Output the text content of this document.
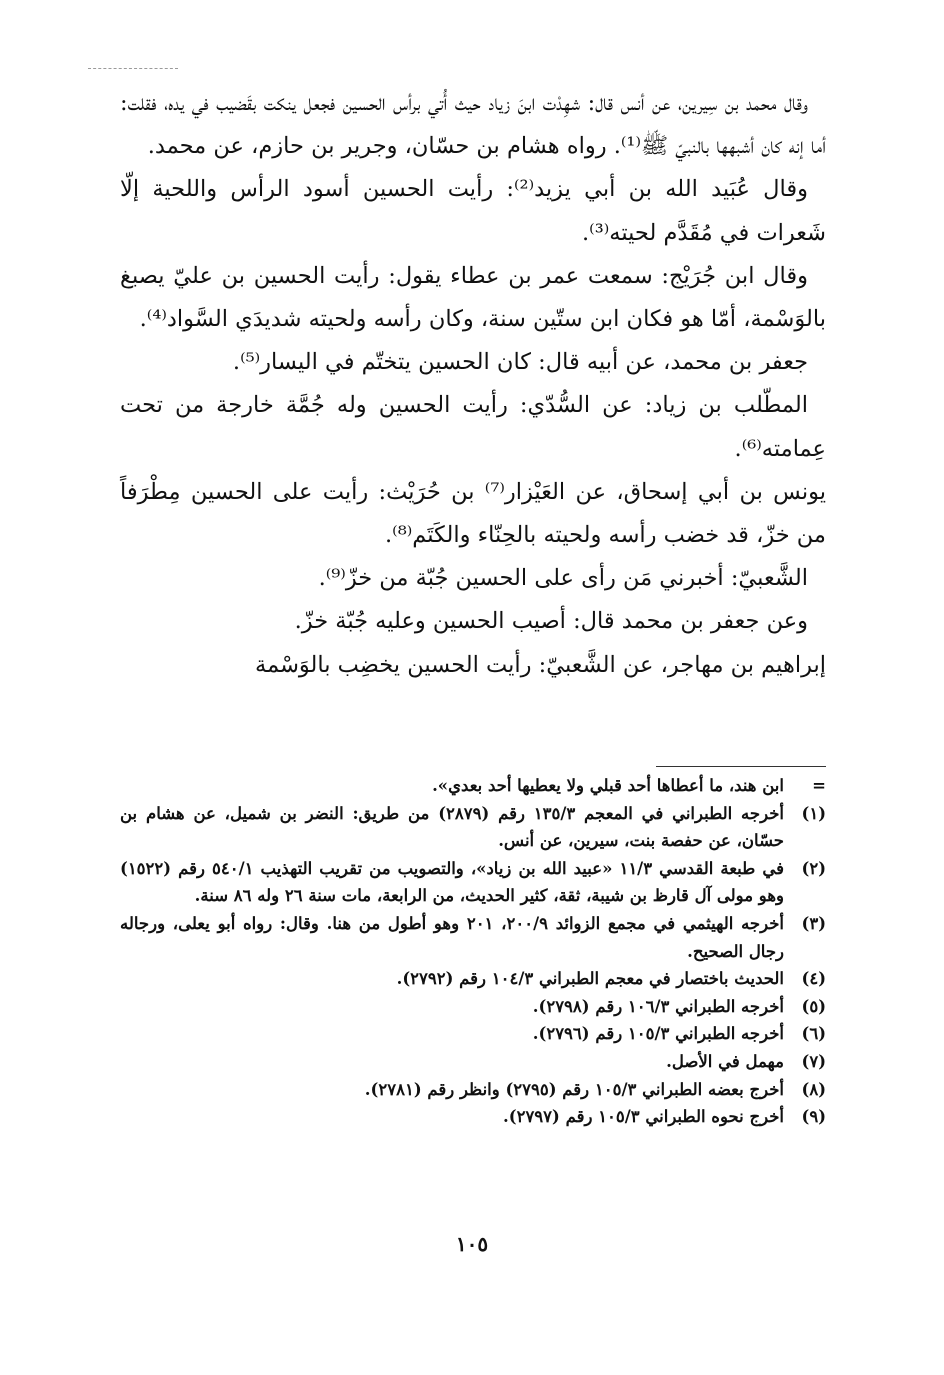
وقال محمد بن سِيرين، عن أنس قال: شهِدْت ابنَ زياد حيث أُتي برأس الحسين فجعل ينكت بقَضيب في يده، فقلت: أما إنه كان أشبهها بالنبيّ ﷺ⁽¹⁾. رواه هشام بن حسّان، وجرير بن حازم، عن محمد.

وقال عُبَيد الله بن أبي يزيد⁽²⁾: رأيت الحسين أسود الرأس واللحية إلّا شَعرات في مُقَدَّم لحيته⁽³⁾.

وقال ابن جُرَيْج: سمعت عمر بن عطاء يقول: رأيت الحسين بن عليّ يصبغ بالوَسْمة، أمّا هو فكان ابن ستّين سنة، وكان رأسه ولحيته شديدَي السَّواد⁽⁴⁾.

جعفر بن محمد، عن أبيه قال: كان الحسين يتختّم في اليسار⁽⁵⁾.

المطّلب بن زياد: عن السُّدّي: رأيت الحسين وله جُمَّة خارجة من تحت عِمامته⁽⁶⁾.

يونس بن أبي إسحاق، عن العَيْزار⁽⁷⁾ بن حُرَيْث: رأيت على الحسين مِطْرَفاً من خزّ، قد خضب رأسه ولحيته بالحِنّاء والكَتَم⁽⁸⁾.

الشَّعبيّ: أخبرني مَن رأى على الحسين جُبّة من خزّ⁽⁹⁾.

وعن جعفر بن محمد قال: أصيب الحسين وعليه جُبّة خزّ.

إبراهيم بن مهاجر، عن الشَّعبيّ: رأيت الحسين يخضِب بالوَسْمة

=
ابن هند، ما أعطاها أحد قبلي ولا يعطيها أحد بعدي».
(١)
أخرجه الطبراني في المعجم ١٣٥/٣ رقم (٢٨٧٩) من طريق: النضر بن شميل، عن هشام بن حسّان، عن حفصة بنت، سيرين، عن أنس.
(٢)
في طبعة القدسي ١١/٣ «عبيد الله بن زياد»، والتصويب من تقريب التهذيب ٥٤٠/١ رقم (١٥٢٢) وهو مولى آل قارظ بن شيبة، ثقة، كثير الحديث، من الرابعة، مات سنة ٢٦ وله ٨٦ سنة.
(٣)
أخرجه الهيثمي في مجمع الزوائد ٢٠٠/٩، ٢٠١ وهو أطول من هنا. وقال: رواه أبو يعلى، ورجاله رجال الصحيح.
(٤)
الحديث باختصار في معجم الطبراني ١٠٤/٣ رقم (٢٧٩٢).
(٥)
أخرجه الطبراني ١٠٦/٣ رقم (٢٧٩٨).
(٦)
أخرجه الطبراني ١٠٥/٣ رقم (٢٧٩٦).
(٧)
مهمل في الأصل.
(٨)
أخرج بعضه الطبراني ١٠٥/٣ رقم (٢٧٩٥) وانظر رقم (٢٧٨١).
(٩)
أخرج نحوه الطبراني ١٠٥/٣ رقم (٢٧٩٧).
١٠٥
